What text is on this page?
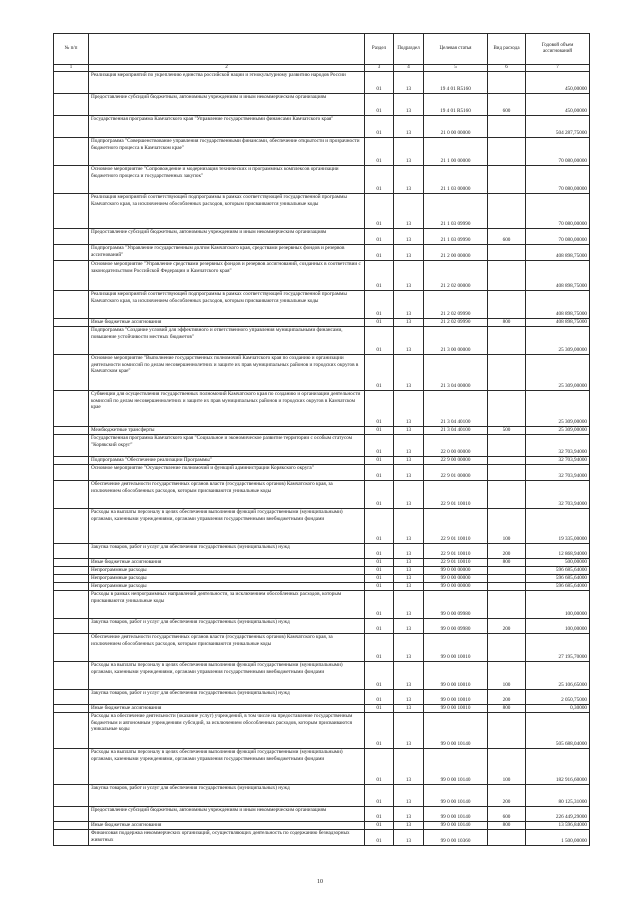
№ п/п		Раздел	Подраздел	Целевая статья	Вид расхода	Годовой объем ассигнований
1	2	3	4	5	6	7
	Реализация мероприятий по укреплению единства российской нации и этнокультурному развитию народов России	01	13	19 4 01 R5160		450,00000
	Предоставление субсидий бюджетным, автономным учреждениям и иным некоммерческим организациям	01	13	19 4 01 R5160	600	450,00000
	Государственная программа Камчатского края "Управление государственными финансами Камчатского края"	01	13	21 0 00 00000		504 287,75000
	Подпрограмма "Совершенствование управления государственными финансами, обеспечение открытости и прозрачности бюджетного процесса в Камчатском крае"	01	13	21 1 00 00000		70 080,00000
	Основное мероприятие "Сопровождение и модернизация технических и программных комплексов организации бюджетного процесса и государственных закупок"	01	13	21 1 03 00000		70 080,00000
	Реализация мероприятий соответствующей подпрограммы в рамках соответствующей государственной программы Камчатского края, за исключением обособленных расходов, которым присваиваются уникальные коды	01	13	21 1 03 09990		70 080,00000
	Предоставление субсидий бюджетным, автономным учреждениям и иным некоммерческим организациям	01	13	21 1 03 09990	600	70 080,00000
	Подпрограмма "Управление государственным долгом Камчатского края, средствами резервных фондов и резервов ассигнований"	01	13	21 2 00 00000		408 898,75000
	Основное мероприятие "Управление средствами резервных фондов и резервов ассигнований, созданных в соответствии с законодательством Российской Федерации и Камчатского края"	01	13	21 2 02 00000		408 898,75000
	Реализация мероприятий соответствующей подпрограммы в рамках соответствующей государственной программы Камчатского края, за исключением обособленных расходов, которым присваиваются уникальные коды	01	13	21 2 02 09990		408 898,75000
	Иные бюджетные ассигнования	01	13	21 2 02 09990	800	408 898,75000
	Подпрограмма "Создание условий для эффективного и ответственного управления муниципальными финансами, повышение устойчивости местных бюджетов"	01	13	21 3 00 00000		25 309,00000
	Основное мероприятие "Выполнение государственных полномочий Камчатского края по созданию и организации деятельности комиссий по делам несовершеннолетних и защите их прав муниципальных районов и городских округов в Камчатском крае"	01	13	21 3 04 00000		25 309,00000
	Субвенции для осуществления государственных полномочий Камчатского края по созданию и организации деятельности комиссий по делам несовершеннолетних и защите их прав муниципальных районов и городских округов в Камчатском крае	01	13	21 3 04 40100		25 309,00000
	Межбюджетные трансферты	01	13	21 3 04 40100	500	25 309,00000
	Государственная программа Камчатского края "Социальное и экономическое развитие территории с особым статусом "Корякский округ"	01	13	22 0 00 00000		32 703,94000
	Подпрограмма "Обеспечение реализации Программы"	01	13	22 9 00 00000		32 703,94000
	Основное мероприятие "Осуществление полномочий и функций администрации Корякского округа"	01	13	22 9 01 00000		32 703,94000
	Обеспечение деятельности государственных органов власти (государственных органов) Камчатского края, за исключением обособленных расходов, которым присваиваются уникальные коды	01	13	22 9 01 10010		32 703,94000
	Расходы на выплаты персоналу в целях обеспечения выполнения функций государственными (муниципальными) органами, казенными учреждениями, органами управления государственными внебюджетными фондами	01	13	22 9 01 10010	100	19 335,00000
	Закупка товаров, работ и услуг для обеспечения государственных (муниципальных) нужд	01	13	22 9 01 10010	200	12 868,94000
	Иные бюджетные ассигнования	01	13	22 9 01 10010	800	500,00000
	Непрограммные расходы	01	13	99 0 00 00000		596 685,64000
	Непрограммные расходы	01	13	99 0 00 00000		596 685,64000
	Непрограммные расходы	01	13	99 0 00 00000		596 685,64000
	Расходы в рамках непрограммных направлений деятельности, за исключением обособленных расходов, которым присваиваются уникальные коды	01	13	99 0 00 09980		100,00000
	Закупка товаров, работ и услуг для обеспечения государственных (муниципальных) нужд	01	13	99 0 00 09980	200	100,00000
	Обеспечение деятельности государственных органов власти (государственных органов) Камчатского края, за исключением обособленных расходов, которым присваиваются уникальные коды	01	13	99 0 00 10010		27 195,70000
	Расходы на выплаты персоналу в целях обеспечения выполнения функций государственными (муниципальными) органами, казенными учреждениями, органами управления государственными внебюджетными фондами	01	13	99 0 00 10010	100	25 106,65000
	Закупка товаров, работ и услуг для обеспечения государственных (муниципальных) нужд	01	13	99 0 00 10010	200	2 050,75000
	Иные бюджетные ассигнования	01	13	99 0 00 10010	800	0,30000
	Расходы на обеспечение деятельности (оказание услуг) учреждений, в том числе на предоставление государственным бюджетным и автономным учреждениям субсидий, за исключением обособленных расходов, которым присваиваются уникальные коды	01	13	99 0 00 10140		505 688,04000
	Расходы на выплаты персоналу в целях обеспечения выполнения функций государственными (муниципальными) органами, казенными учреждениями, органами управления государственными внебюджетными фондами	01	13	99 0 00 10140	100	182 916,60000
	Закупка товаров, работ и услуг для обеспечения государственных (муниципальных) нужд	01	13	99 0 00 10140	200	80 125,31000
	Предоставление субсидий бюджетным, автономным учреждениям и иным некоммерческим организациям	01	13	99 0 00 10140	600	226 449,29000
	Иные бюджетные ассигнования	01	13	99 0 00 10140	800	13 596,84000
	Финансовая поддержка некоммерческих организаций, осуществляющих деятельность по содержанию безнадзорных животных	01	13	99 0 00 10360		1 500,00000
10
